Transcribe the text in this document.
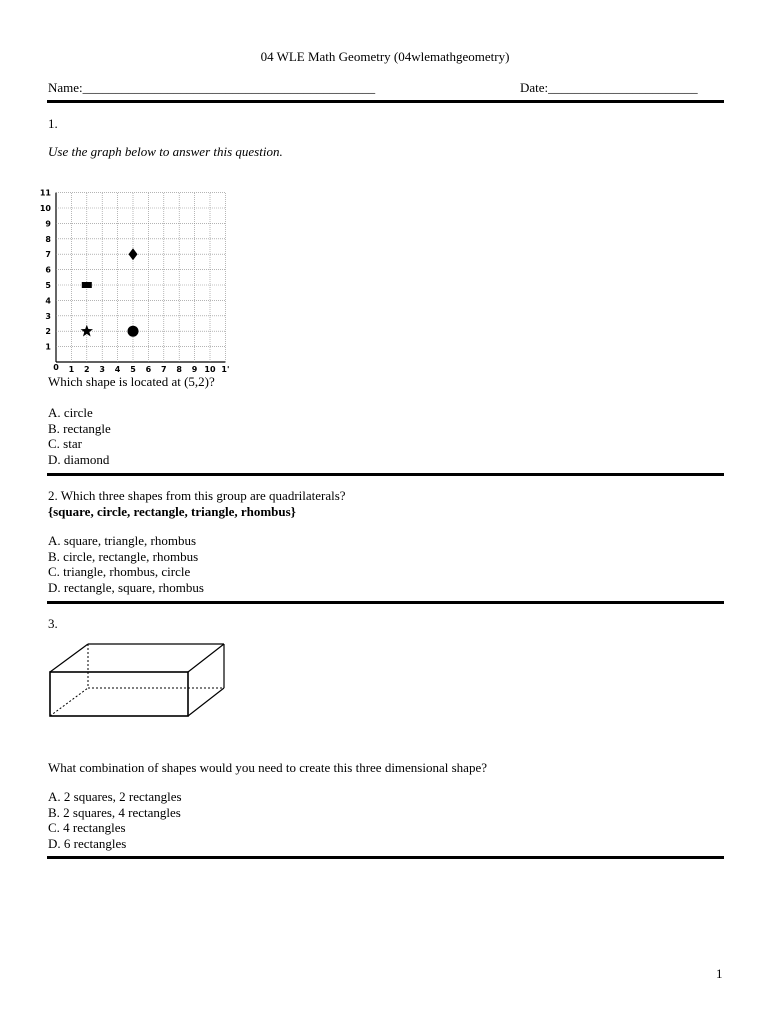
04 WLE Math Geometry (04wlemathgeometry)
Name:_____________________________________________	Date:_______________________
1.
Use the graph below to answer this question.
1
2
3
4
5
6
7
8
9
10
11
1 2 3 4 5 6 7 8 9 10 1'
0
Which shape is located at (5,2)?
A. circle
B. rectangle
C. star
D. diamond
2. Which three shapes from this group are quadrilaterals?
{square, circle, rectangle, triangle, rhombus}
A. square, triangle, rhombus
B. circle, rectangle, rhombus
C. triangle, rhombus, circle
D. rectangle, square, rhombus
3.
What combination of shapes would you need to create this three dimensional shape?
A. 2 squares, 2 rectangles
B. 2 squares, 4 rectangles
C. 4 rectangles
D. 6 rectangles
1
